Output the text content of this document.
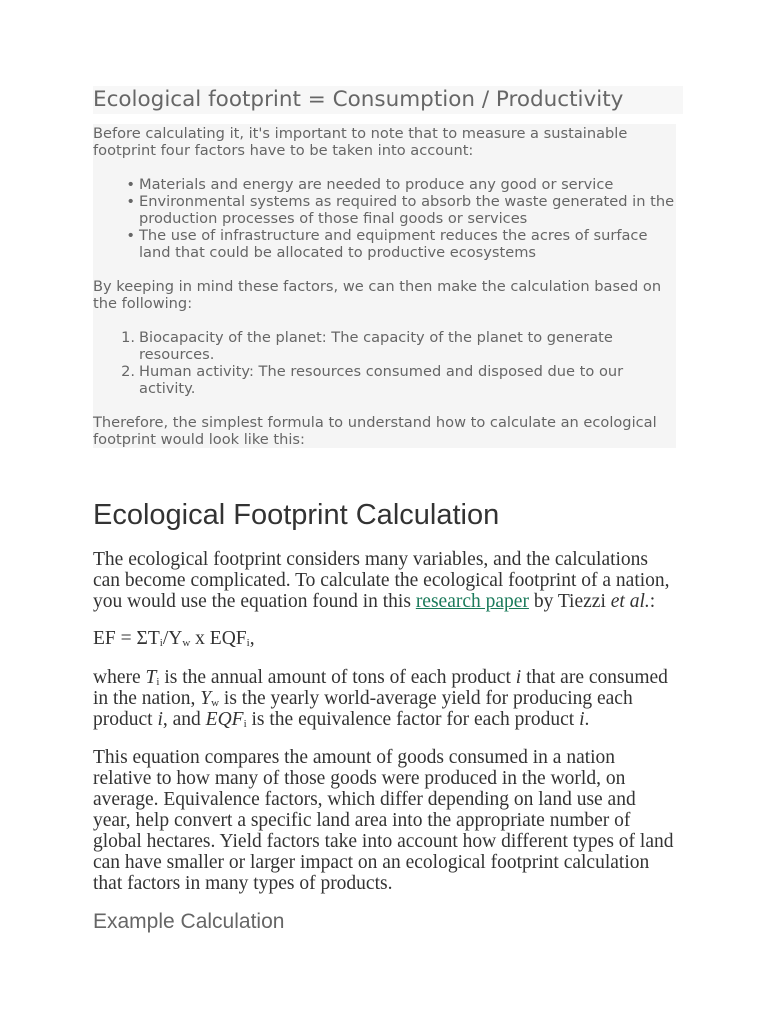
Ecological footprint = Consumption / Productivity

Before calculating it, it's important to note that to measure a sustainable footprint four factors have to be taken into account:

• Materials and energy are needed to produce any good or service
• Environmental systems as required to absorb the waste generated in the production processes of those final goods or services
• The use of infrastructure and equipment reduces the acres of surface land that could be allocated to productive ecosystems

By keeping in mind these factors, we can then make the calculation based on the following:

1. Biocapacity of the planet: The capacity of the planet to generate resources.
2. Human activity: The resources consumed and disposed due to our activity.

Therefore, the simplest formula to understand how to calculate an ecological footprint would look like this:

Ecological Footprint Calculation

The ecological footprint considers many variables, and the calculations can become complicated. To calculate the ecological footprint of a nation, you would use the equation found in this research paper by Tiezzi et al.:

EF = $\Sigma T_i/Y_w$ x $EQF_i$,

where $T_i$ is the annual amount of tons of each product i that are consumed in the nation, $Y_w$ is the yearly world-average yield for producing each product i, and $EQF_i$ is the equivalence factor for each product i.

This equation compares the amount of goods consumed in a nation relative to how many of those goods were produced in the world, on average. Equivalence factors, which differ depending on land use and year, help convert a specific land area into the appropriate number of global hectares. Yield factors take into account how different types of land can have smaller or larger impact on an ecological footprint calculation that factors in many types of products.

Example Calculation
